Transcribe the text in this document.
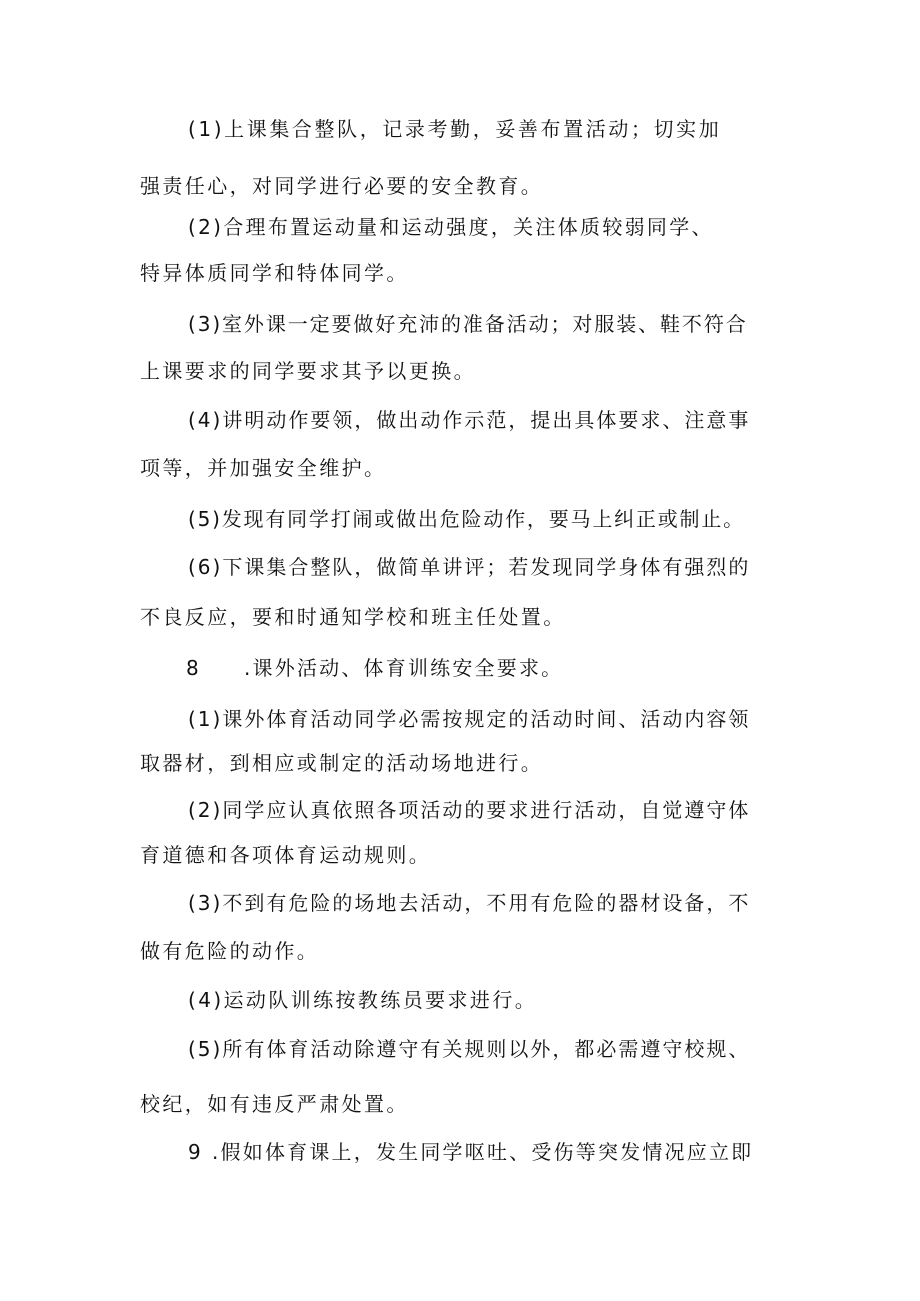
(1)上课集合整队，记录考勤，妥善布置活动；切实加
强责任心，对同学进行必要的安全教育。
(2)合理布置运动量和运动强度，关注体质较弱同学、
特异体质同学和特体同学。
(3)室外课一定要做好充沛的准备活动；对服装、鞋不符合
上课要求的同学要求其予以更换。
(4)讲明动作要领，做出动作示范，提出具体要求、注意事
项等，并加强安全维护。
(5)发现有同学打闹或做出危险动作，要马上纠正或制止。
(6)下课集合整队，做简单讲评；若发现同学身体有强烈的
不良反应，要和时通知学校和班主任处置。
8 .课外活动、体育训练安全要求。
(1)课外体育活动同学必需按规定的活动时间、活动内容领
取器材，到相应或制定的活动场地进行。
(2)同学应认真依照各项活动的要求进行活动，自觉遵守体
育道德和各项体育运动规则。
(3)不到有危险的场地去活动，不用有危险的器材设备，不
做有危险的动作。
(4)运动队训练按教练员要求进行。
(5)所有体育活动除遵守有关规则以外，都必需遵守校规、
校纪，如有违反严肃处置。
9 .假如体育课上，发生同学呕吐、受伤等突发情况应立即
